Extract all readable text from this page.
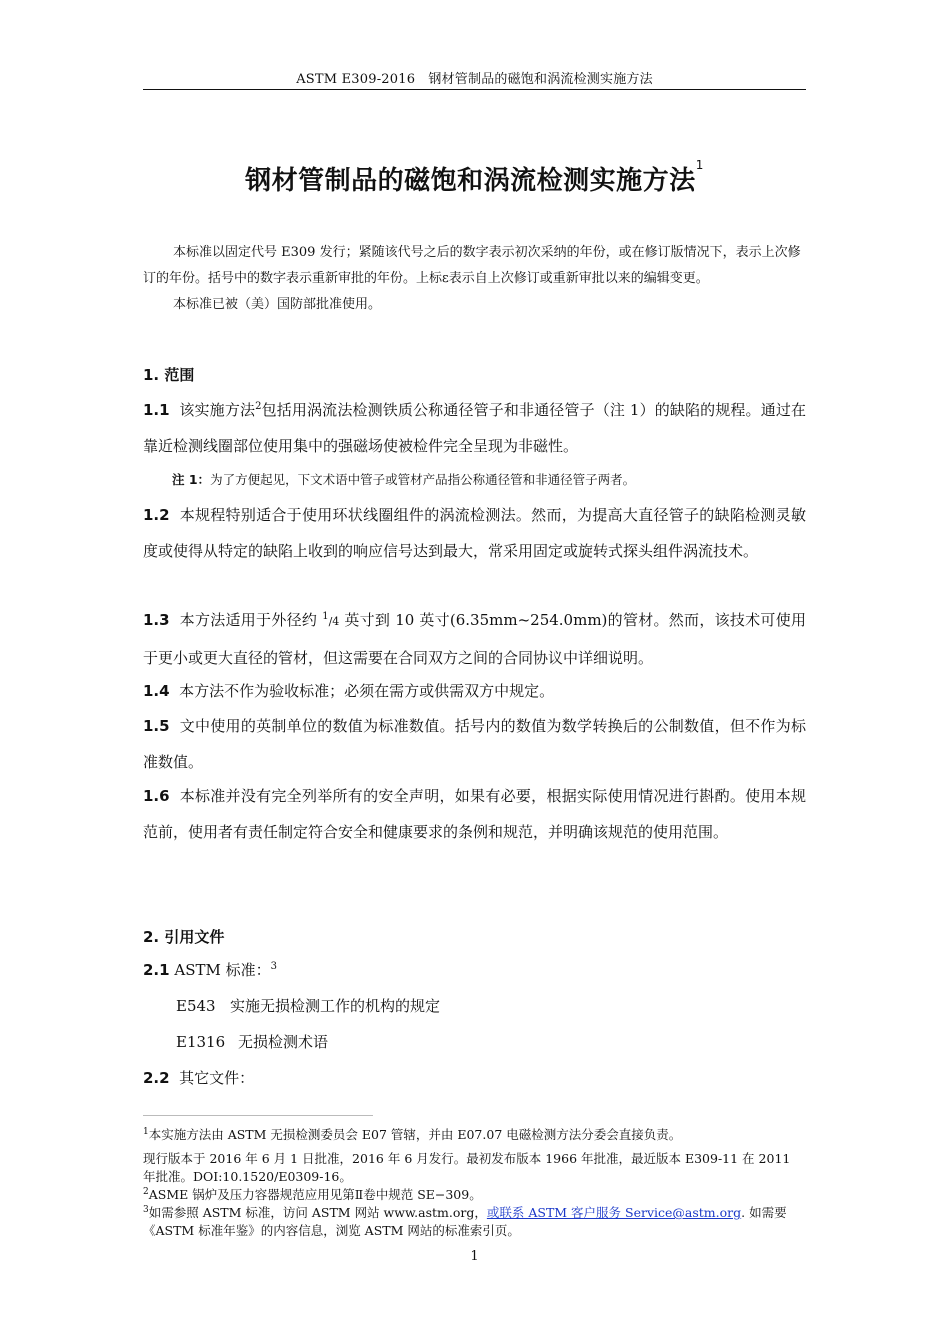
ASTM E309-2016　钢材管制品的磁饱和涡流检测实施方法
钢材管制品的磁饱和涡流检测实施方法$^1$

本标准以固定代号 E309 发行；紧随该代号之后的数字表示初次采纳的年份，或在修订版情况下，表示上次修订的年份。括号中的数字表示重新审批的年份。上标ε表示自上次修订或重新审批以来的编辑变更。

本标准已被（美）国防部批准使用。

1. 范围
1.1 该实施方法$^2$包括用涡流法检测铁质公称通径管子和非通径管子（注 1）的缺陷的规程。通过在靠近检测线圈部位使用集中的强磁场使被检件完全呈现为非磁性。
注 1：为了方便起见，下文术语中管子或管材产品指公称通径管和非通径管子两者。
1.2 本规程特别适合于使用环状线圈组件的涡流检测法。然而，为提高大直径管子的缺陷检测灵敏度或使得从特定的缺陷上收到的响应信号达到最大，常采用固定或旋转式探头组件涡流技术。
1.3 本方法适用于外径约 $^1$/4 英寸到 10 英寸(6.35mm~254.0mm)的管材。然而，该技术可使用于更小或更大直径的管材，但这需要在合同双方之间的合同协议中详细说明。
1.4 本方法不作为验收标准；必须在需方或供需双方中规定。
1.5 文中使用的英制单位的数值为标准数值。括号内的数值为数学转换后的公制数值，但不作为标准数值。
1.6 本标准并没有完全列举所有的安全声明，如果有必要，根据实际使用情况进行斟酌。使用本规范前，使用者有责任制定符合安全和健康要求的条例和规范，并明确该规范的使用范围。
2. 引用文件
2.1 ASTM 标准：$^3$
E543 实施无损检测工作的机构的规定
E1316 无损检测术语
2.2 其它文件：

$^1$本实施方法由 ASTM 无损检测委员会 E07 管辖，并由 E07.07 电磁检测方法分委会直接负责。

现行版本于 2016 年 6 月 1 日批准，2016 年 6 月发行。最初发布版本 1966 年批准，最近版本 E309-11 在 2011 年批准。DOI:10.1520/E0309-16。

$^2$ASME 锅炉及压力容器规范应用见第Ⅱ卷中规范 SE−309。

$^3$如需参照 ASTM 标准，访问 ASTM 网站 www.astm.org，或联系 ASTM 客户服务 Service@astm.org. 如需要《ASTM 标准年鉴》的内容信息，浏览 ASTM 网站的标准索引页。

1
